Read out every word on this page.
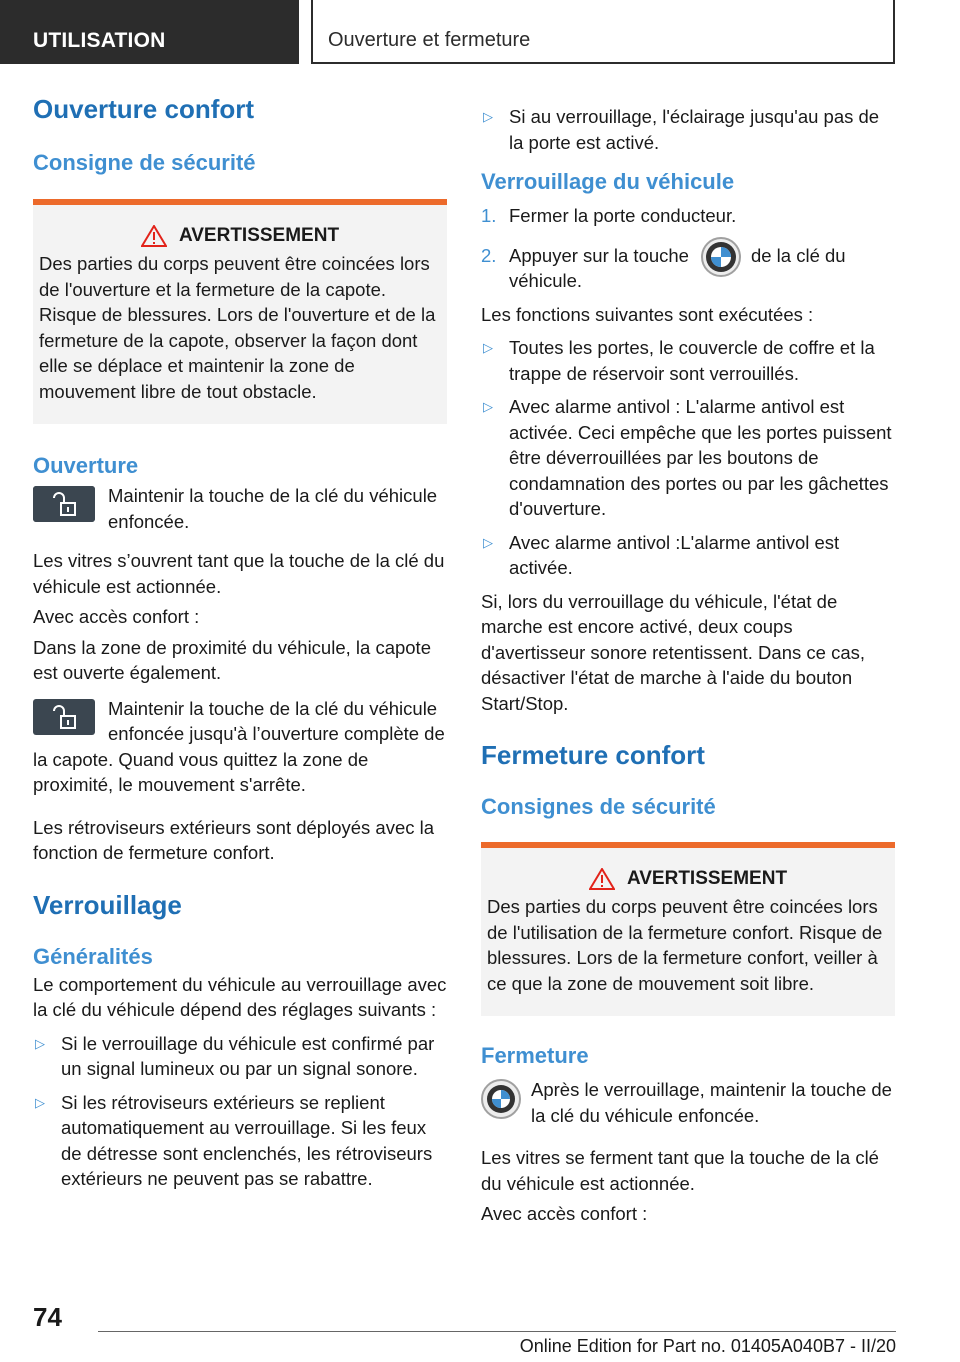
UTILISATION	Ouverture et fermeture
Ouverture confort
Consigne de sécurité
AVERTISSEMENT

Des parties du corps peuvent être coincées lors de l'ouverture et la fermeture de la capote. Risque de blessures. Lors de l'ouverture et de la fermeture de la capote, observer la façon dont elle se déplace et maintenir la zone de mouvement libre de tout obstacle.

Ouverture

Maintenir la touche de la clé du véhicule enfoncée.

Les vitres s’ouvrent tant que la touche de la clé du véhicule est actionnée.

Avec accès confort :

Dans la zone de proximité du véhicule, la capote est ouverte également.

Maintenir la touche de la clé du véhicule enfoncée jusqu'à l’ouverture complète de la capote. Quand vous quittez la zone de proximité, le mouvement s'arrête.

Les rétroviseurs extérieurs sont déployés avec la fonction de fermeture confort.

Verrouillage
Généralités

Le comportement du véhicule au verrouillage avec la clé du véhicule dépend des réglages suivants :

▷ Si le verrouillage du véhicule est confirmé par un signal lumineux ou par un signal sonore.
▷ Si les rétroviseurs extérieurs se replient automatiquement au verrouillage. Si les feux de détresse sont enclenchés, les rétroviseurs extérieurs ne peuvent pas se rabattre.
▷ Si au verrouillage, l'éclairage jusqu'au pas de la porte est activé.
Verrouillage du véhicule
1. Fermer la porte conducteur.
2. Appuyer sur la touche	de la clé du véhicule.

Les fonctions suivantes sont exécutées :

▷ Toutes les portes, le couvercle de coffre et la trappe de réservoir sont verrouillés.
▷ Avec alarme antivol : L'alarme antivol est activée. Ceci empêche que les portes puissent être déverrouillées par les boutons de condamnation des portes ou par les gâchettes d'ouverture.
▷ Avec alarme antivol :L'alarme antivol est activée.

Si, lors du verrouillage du véhicule, l'état de marche est encore activé, deux coups d'avertisseur sonore retentissent. Dans ce cas, désactiver l'état de marche à l'aide du bouton Start/Stop.

Fermeture confort
Consignes de sécurité
AVERTISSEMENT

Des parties du corps peuvent être coincées lors de l'utilisation de la fermeture confort. Risque de blessures. Lors de la fermeture confort, veiller à ce que la zone de mouvement soit libre.

Fermeture

Après le verrouillage, maintenir la touche de la clé du véhicule enfoncée.

Les vitres se ferment tant que la touche de la clé du véhicule est actionnée.

Avec accès confort :

74
Online Edition for Part no. 01405A040B7 - II/20
